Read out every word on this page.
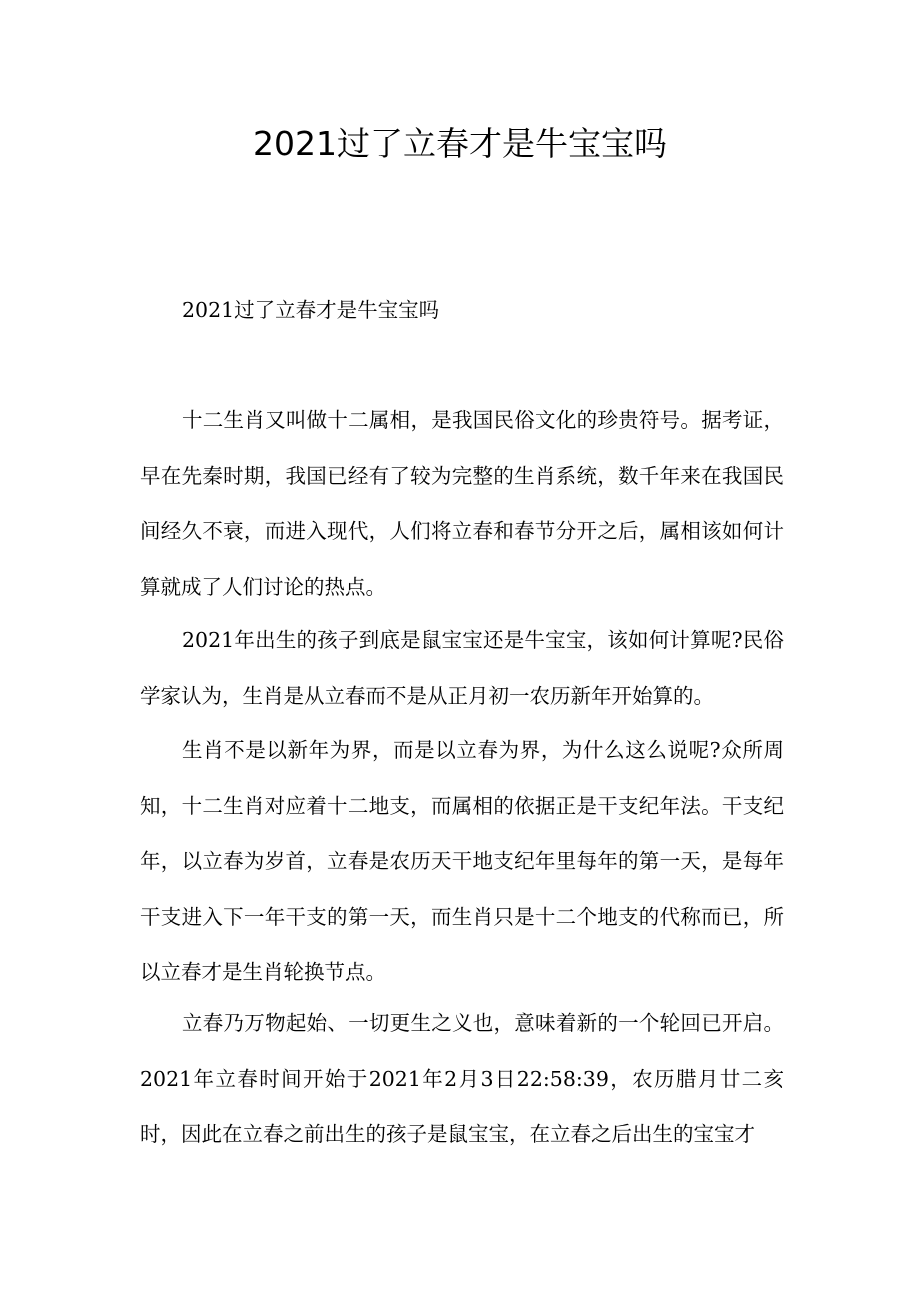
2021过了立春才是牛宝宝吗

2021过了立春才是牛宝宝吗

十二生肖又叫做十二属相，是我国民俗文化的珍贵符号。据考证，早在先秦时期，我国已经有了较为完整的生肖系统，数千年来在我国民间经久不衰，而进入现代，人们将立春和春节分开之后，属相该如何计算就成了人们讨论的热点。

2021年出生的孩子到底是鼠宝宝还是牛宝宝，该如何计算呢?民俗学家认为，生肖是从立春而不是从正月初一农历新年开始算的。

生肖不是以新年为界，而是以立春为界，为什么这么说呢?众所周知，十二生肖对应着十二地支，而属相的依据正是干支纪年法。干支纪年，以立春为岁首，立春是农历天干地支纪年里每年的第一天，是每年干支进入下一年干支的第一天，而生肖只是十二个地支的代称而已，所以立春才是生肖轮换节点。

立春乃万物起始、一切更生之义也，意味着新的一个轮回已开启。2021年立春时间开始于2021年2月3日22:58:39，农历腊月廿二亥时，因此在立春之前出生的孩子是鼠宝宝，在立春之后出生的宝宝才
